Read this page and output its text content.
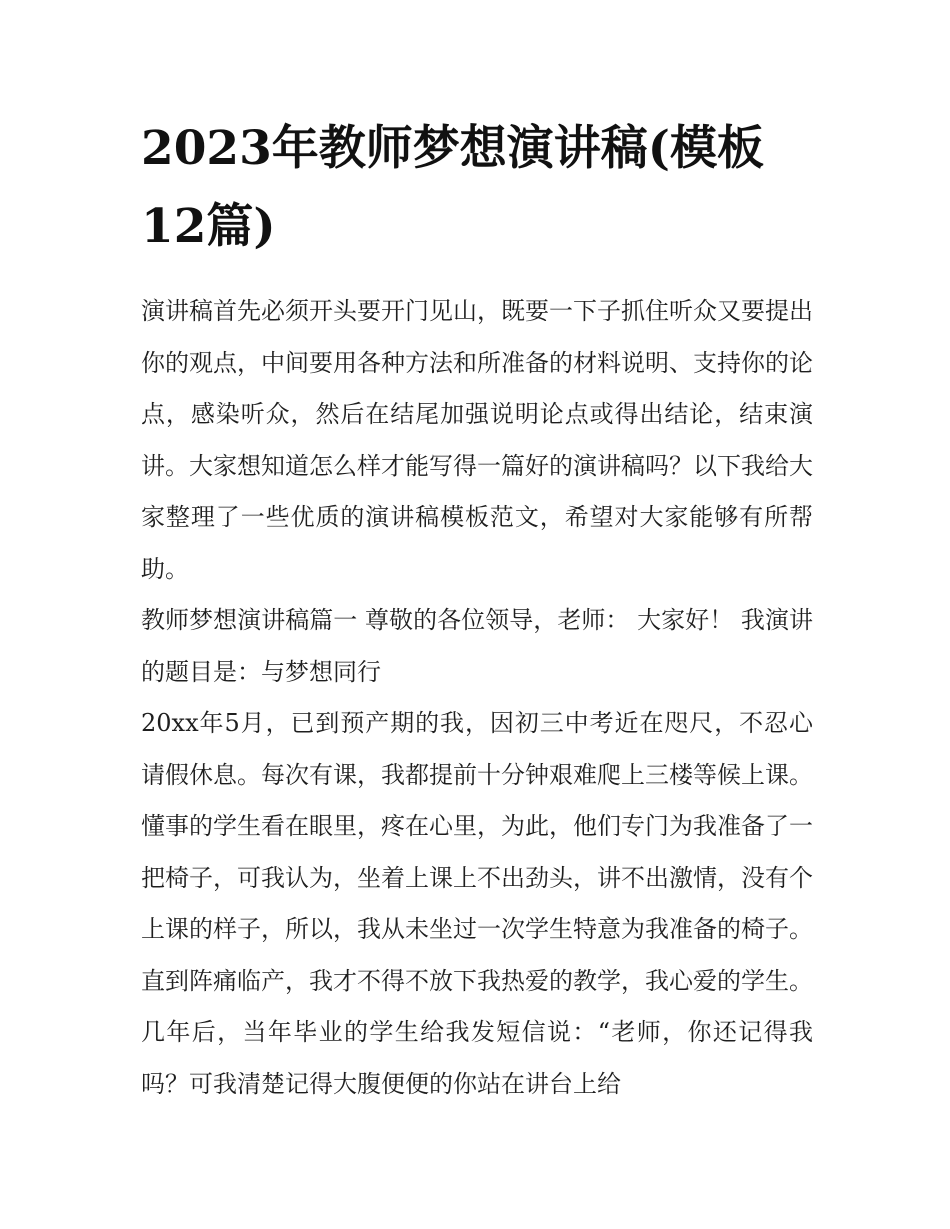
2023年教师梦想演讲稿(模板12篇)

演讲稿首先必须开头要开门见山，既要一下子抓住听众又要提出你的观点，中间要用各种方法和所准备的材料说明、支持你的论点，感染听众，然后在结尾加强说明论点或得出结论，结束演讲。大家想知道怎么样才能写得一篇好的演讲稿吗？以下我给大家整理了一些优质的演讲稿模板范文，希望对大家能够有所帮助。

教师梦想演讲稿篇一 尊敬的各位领导，老师： 大家好！ 我演讲的题目是：与梦想同行

20xx年5月，已到预产期的我，因初三中考近在咫尺，不忍心请假休息。每次有课，我都提前十分钟艰难爬上三楼等候上课。懂事的学生看在眼里，疼在心里，为此，他们专门为我准备了一把椅子，可我认为，坐着上课上不出劲头，讲不出激情，没有个上课的样子，所以，我从未坐过一次学生特意为我准备的椅子。直到阵痛临产，我才不得不放下我热爱的教学，我心爱的学生。几年后，当年毕业的学生给我发短信说：“老师，你还记得我吗？可我清楚记得大腹便便的你站在讲台上给
